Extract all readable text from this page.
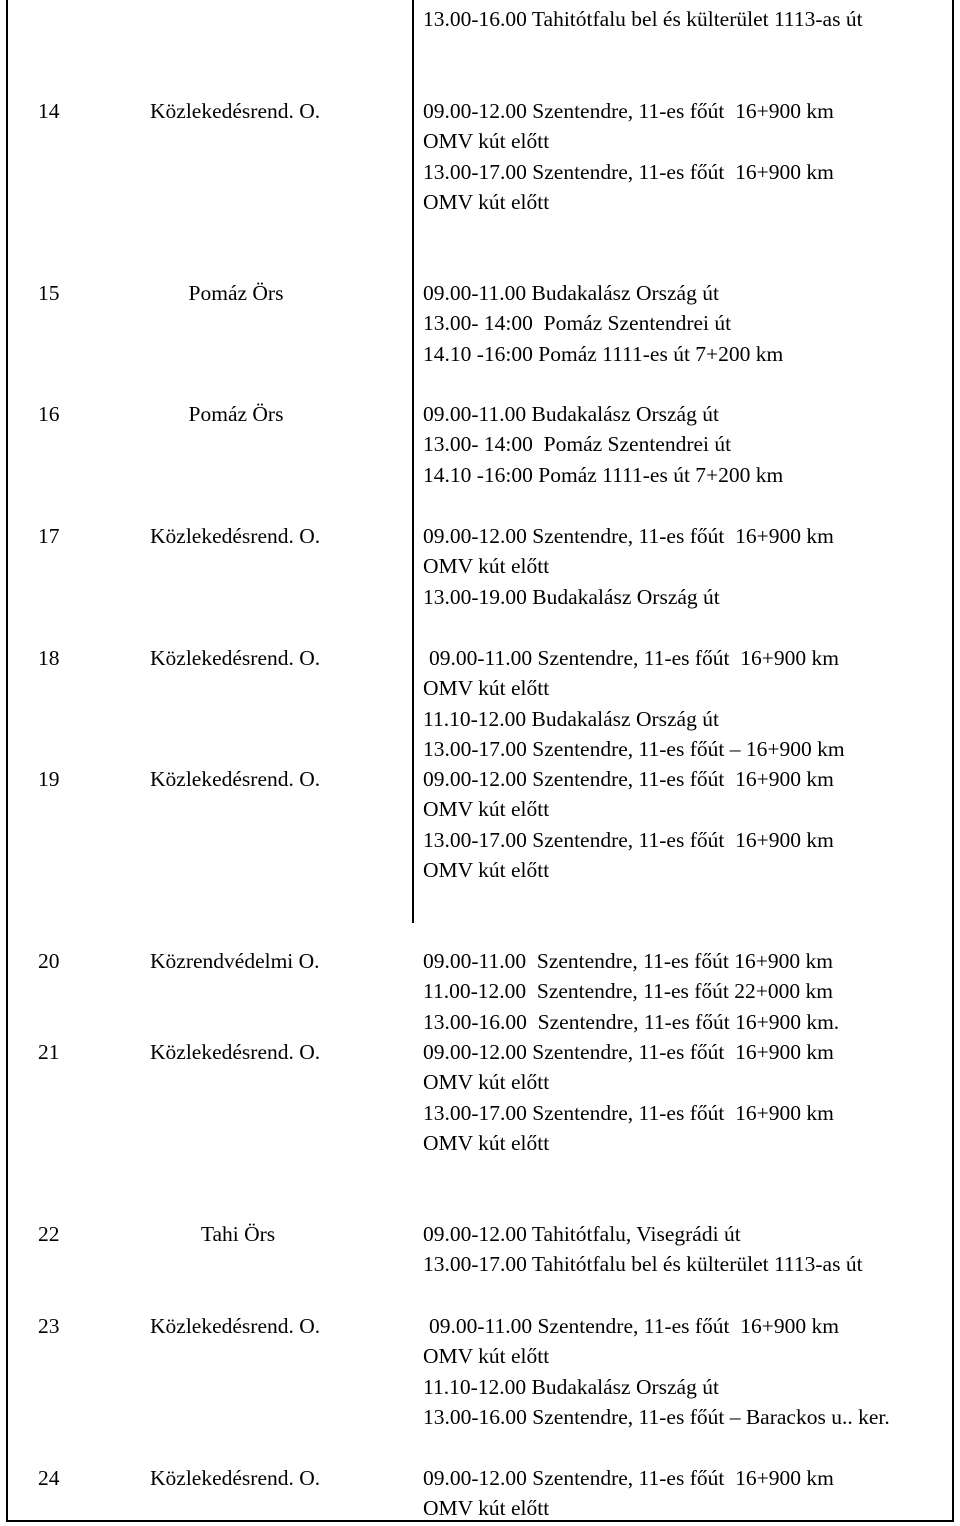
13.00-16.00 Tahitótfalu bel és külterület 1113-as út
14	Közlekedésrend. O.	09.00-12.00 Szentendre, 11-es főút  16+900 km
OMV kút előtt
13.00-17.00 Szentendre, 11-es főút  16+900 km
OMV kút előtt
15	Pomáz Örs	09.00-11.00 Budakalász Ország út
13.00- 14:00  Pomáz Szentendrei út
14.10 -16:00 Pomáz 1111-es út 7+200 km
16	Pomáz Örs	09.00-11.00 Budakalász Ország út
13.00- 14:00  Pomáz Szentendrei út
14.10 -16:00 Pomáz 1111-es út 7+200 km
17	Közlekedésrend. O.	09.00-12.00 Szentendre, 11-es főút  16+900 km
OMV kút előtt
13.00-19.00 Budakalász Ország út
18	Közlekedésrend. O.	09.00-11.00 Szentendre, 11-es főút  16+900 km
OMV kút előtt
11.10-12.00 Budakalász Ország út
13.00-17.00 Szentendre, 11-es főút – 16+900 km
19	Közlekedésrend. O.	09.00-12.00 Szentendre, 11-es főút  16+900 km
OMV kút előtt
13.00-17.00 Szentendre, 11-es főút  16+900 km
OMV kút előtt
20	Közrendvédelmi O.	09.00-11.00  Szentendre, 11-es főút 16+900 km
11.00-12.00  Szentendre, 11-es főút 22+000 km
13.00-16.00  Szentendre, 11-es főút 16+900 km.
21	Közlekedésrend. O.	09.00-12.00 Szentendre, 11-es főút  16+900 km
OMV kút előtt
13.00-17.00 Szentendre, 11-es főút  16+900 km
OMV kút előtt
22	Tahi Örs	09.00-12.00 Tahitótfalu, Visegrádi út
13.00-17.00 Tahitótfalu bel és külterület 1113-as út
23	Közlekedésrend. O.	09.00-11.00 Szentendre, 11-es főút  16+900 km
OMV kút előtt
11.10-12.00 Budakalász Ország út
13.00-16.00 Szentendre, 11-es főút – Barackos u.. ker.
24	Közlekedésrend. O.	09.00-12.00 Szentendre, 11-es főút  16+900 km
OMV kút előtt
